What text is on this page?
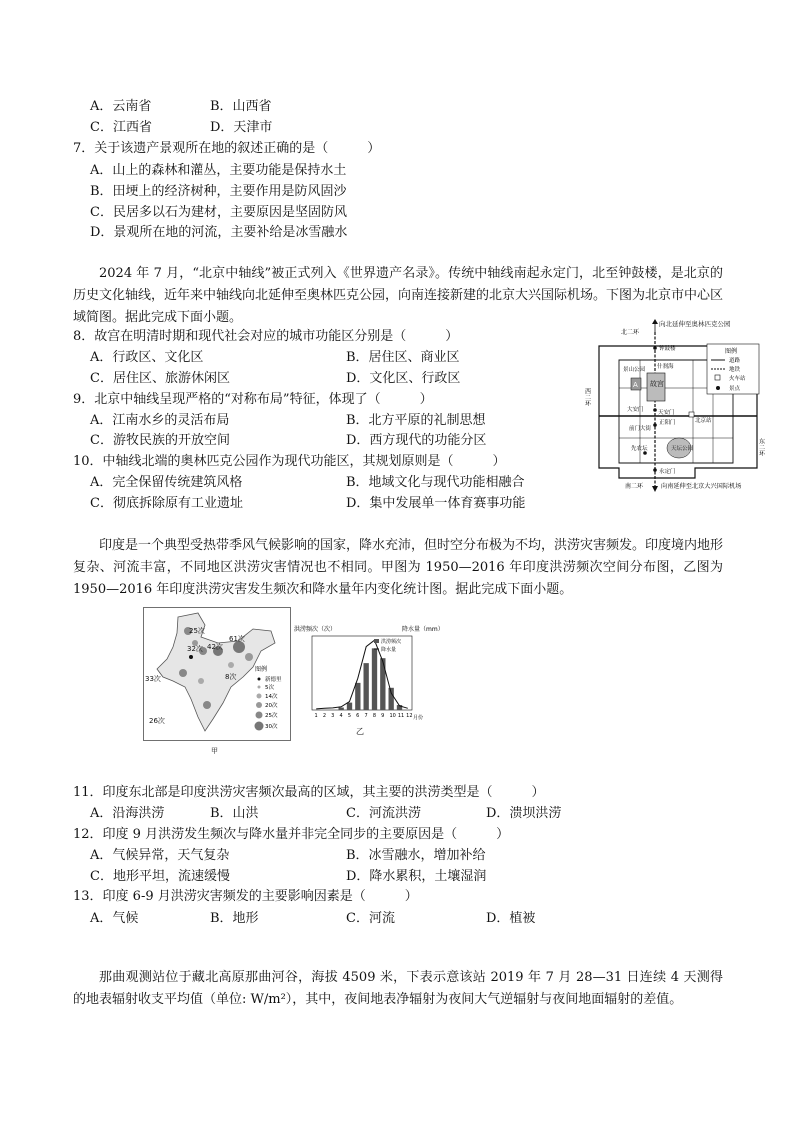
A．云南省	B．山西省
C．江西省	D．天津市
7．关于该遗产景观所在地的叙述正确的是（　　　）
A．山上的森林和灌丛，主要功能是保持水土
B．田埂上的经济树种，主要作用是防风固沙
C．民居多以石为建材，主要原因是坚固防风
D．景观所在地的河流，主要补给是冰雪融水
2024 年 7 月，“北京中轴线”被正式列入《世界遗产名录》。传统中轴线南起永定门，北至钟鼓楼，是北京的历史文化轴线，近年来中轴线向北延伸至奥林匹克公园，向南连接新建的北京大兴国际机场。下图为北京市中心区域简图。据此完成下面小题。
8．故宫在明清时期和现代社会对应的城市功能区分别是（　　　）
A．行政区、文化区	B．居住区、商业区
C．居住区、旅游休闲区	D．文化区、行政区
9．北京中轴线呈现严格的“对称布局”特征，体现了（　　　）
A．江南水乡的灵活布局	B．北方平原的礼制思想
C．游牧民族的开放空间	D．西方现代的功能分区
10．中轴线北端的奥林匹克公园作为现代功能区，其规划原则是（　　　）
A．完全保留传统建筑风格	B．地域文化与现代功能相融合
C．彻底拆除原有工业遗址	D．集中发展单一体育赛事功能
向北延伸至奥林匹克公园
故宫
A
天坛公园
钟鼓楼
景山公园 什刹海
大安门	天安门
北京站
前门大街
正阳门
先农坛
永定门
北二环
南二环
西二环
东二环
向南延伸至北京大兴国际机场
图例
道路
地铁
火车站
景点
印度是一个典型受热带季风气候影响的国家，降水充沛，但时空分布极为不均，洪涝灾害频发。印度境内地形复杂、河流丰富，不同地区洪涝灾害情况也不相同。甲图为 1950—2016 年印度洪涝频次空间分布图，乙图为 1950—2016 年印度洪涝灾害发生频次和降水量年内变化统计图。据此完成下面小题。
25次
32次 42次
61次
8次
33次
26次
图例
新德里
5次
14次
20次
25次
30次
甲
洪涝频次（次）	降水量（mm）
1 2 3 4 5 6 7 8 9 10 11 12
洪涝频次
降水量
月份
乙
11．印度东北部是印度洪涝灾害频次最高的区域，其主要的洪涝类型是（　　　）
A．沿海洪涝	B．山洪	C．河流洪涝	D．溃坝洪涝
12．印度 9 月洪涝发生频次与降水量并非完全同步的主要原因是（　　　）
A．气候异常，天气复杂	B．冰雪融水，增加补给
C．地形平坦，流速缓慢	D．降水累积，土壤湿润
13．印度 6-9 月洪涝灾害频发的主要影响因素是（　　　）
A．气候	B．地形	C．河流	D．植被
那曲观测站位于藏北高原那曲河谷，海拔 4509 米，下表示意该站 2019 年 7 月 28—31 日连续 4 天测得的地表辐射收支平均值（单位: W/m²），其中，夜间地表净辐射为夜间大气逆辐射与夜间地面辐射的差值。
